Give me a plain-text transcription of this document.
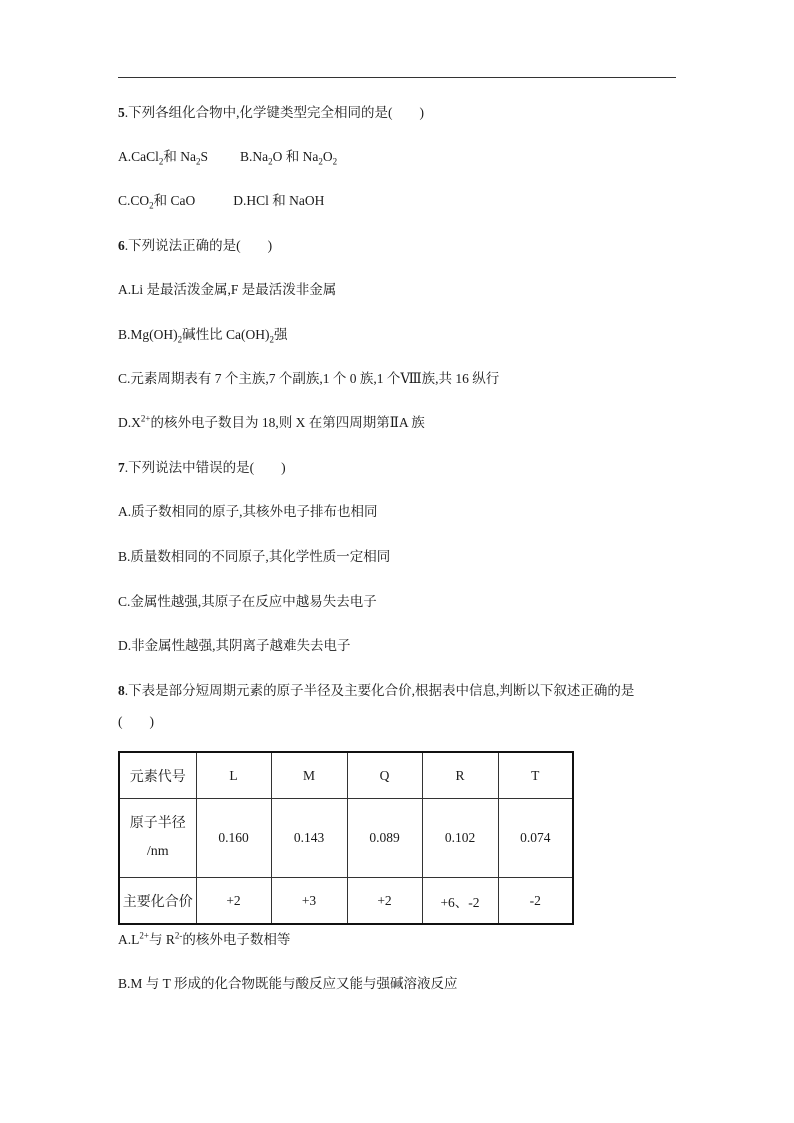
5.下列各组化合物中,化学键类型完全相同的是(　　)
A.CaCl$_2$和 $Na_2S$ $B.Na_2O$ 和 $Na_2O_2$
$C.CO_2$和 CaO	D.HCl 和 NaOH
6.下列说法正确的是(　　)
A.Li 是最活泼金属,F 是最活泼非金属
$B.Mg(OH)_2$碱性比 $Ca(OH)_2$强
C.元素周期表有 7 个主族,7 个副族,1 个 0 族,1 个Ⅷ族,共 16 纵行
$D.X^{2+}$的核外电子数目为 18,则 X 在第四周期第ⅡA 族
7.下列说法中错误的是(　　)
A.质子数相同的原子,其核外电子排布也相同
B.质量数相同的不同原子,其化学性质一定相同
C.金属性越强,其原子在反应中越易失去电子
D.非金属性越强,其阴离子越难失去电子
8.下表是部分短周期元素的原子半径及主要化合价,根据表中信息,判断以下叙述正确的是
(　　)
元素代号	L	M	Q	R	T
原子半径
/nm	0.160	0.143	0.089	0.102	0.074
主要化合价	+2	+3	+2	+6、-2	-2
$A.L^{2+}$与 $R^{2-}$的核外电子数相等
B.M 与 T 形成的化合物既能与酸反应又能与强碱溶液反应
